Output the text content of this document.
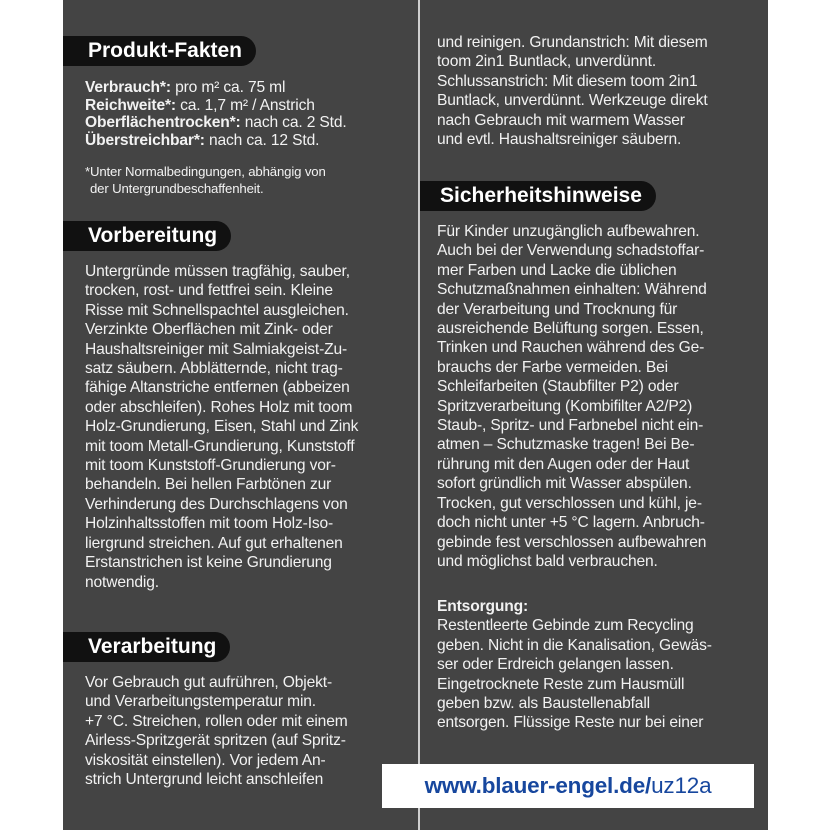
Produkt-Fakten
Verbrauch*: pro m² ca. 75 ml
Reichweite*: ca. 1,7 m² / Anstrich
Oberflächentrocken*: nach ca. 2 Std.
Überstreichbar*: nach ca. 12 Std.
*Unter Normalbedingungen, abhängig von
der Untergrundbeschaffenheit.
Vorbereitung
Untergründe müssen tragfähig, sauber,
trocken, rost- und fettfrei sein. Kleine
Risse mit Schnellspachtel ausgleichen.
Verzinkte Oberflächen mit Zink- oder
Haushaltsreiniger mit Salmiakgeist-Zu-
satz säubern. Abblätternde, nicht trag-
fähige Altanstriche entfernen (abbeizen
oder abschleifen). Rohes Holz mit toom
Holz-Grundierung, Eisen, Stahl und Zink
mit toom Metall-Grundierung, Kunststoff
mit toom Kunststoff-Grundierung vor-
behandeln. Bei hellen Farbtönen zur
Verhinderung des Durchschlagens von
Holzinhaltsstoffen mit toom Holz-Iso-
liergrund streichen. Auf gut erhaltenen
Erstanstrichen ist keine Grundierung
notwendig.
Verarbeitung
Vor Gebrauch gut aufrühren, Objekt-
und Verarbeitungstemperatur min.
+7 °C. Streichen, rollen oder mit einem
Airless-Spritzgerät spritzen (auf Spritz-
viskosität einstellen). Vor jedem An-
strich Untergrund leicht anschleifen
und reinigen. Grundanstrich: Mit diesem
toom 2in1 Buntlack, unverdünnt.
Schlussanstrich: Mit diesem toom 2in1
Buntlack, unverdünnt. Werkzeuge direkt
nach Gebrauch mit warmem Wasser
und evtl. Haushaltsreiniger säubern.
Sicherheitshinweise
Für Kinder unzugänglich aufbewahren.
Auch bei der Verwendung schadstoffar-
mer Farben und Lacke die üblichen
Schutzmaßnahmen einhalten: Während
der Verarbeitung und Trocknung für
ausreichende Belüftung sorgen. Essen,
Trinken und Rauchen während des Ge-
brauchs der Farbe vermeiden. Bei
Schleifarbeiten (Staubfilter P2) oder
Spritzverarbeitung (Kombifilter A2/P2)
Staub-, Spritz- und Farbnebel nicht ein-
atmen – Schutzmaske tragen! Bei Be-
rührung mit den Augen oder der Haut
sofort gründlich mit Wasser abspülen.
Trocken, gut verschlossen und kühl, je-
doch nicht unter +5 °C lagern. Anbruch-
gebinde fest verschlossen aufbewahren
und möglichst bald verbrauchen.
Entsorgung:
Restentleerte Gebinde zum Recycling
geben. Nicht in die Kanalisation, Gewäs-
ser oder Erdreich gelangen lassen.
Eingetrocknete Reste zum Hausmüll
geben bzw. als Baustellenabfall
entsorgen. Flüssige Reste nur bei einer
www.blauer-engel.de/uz12a
